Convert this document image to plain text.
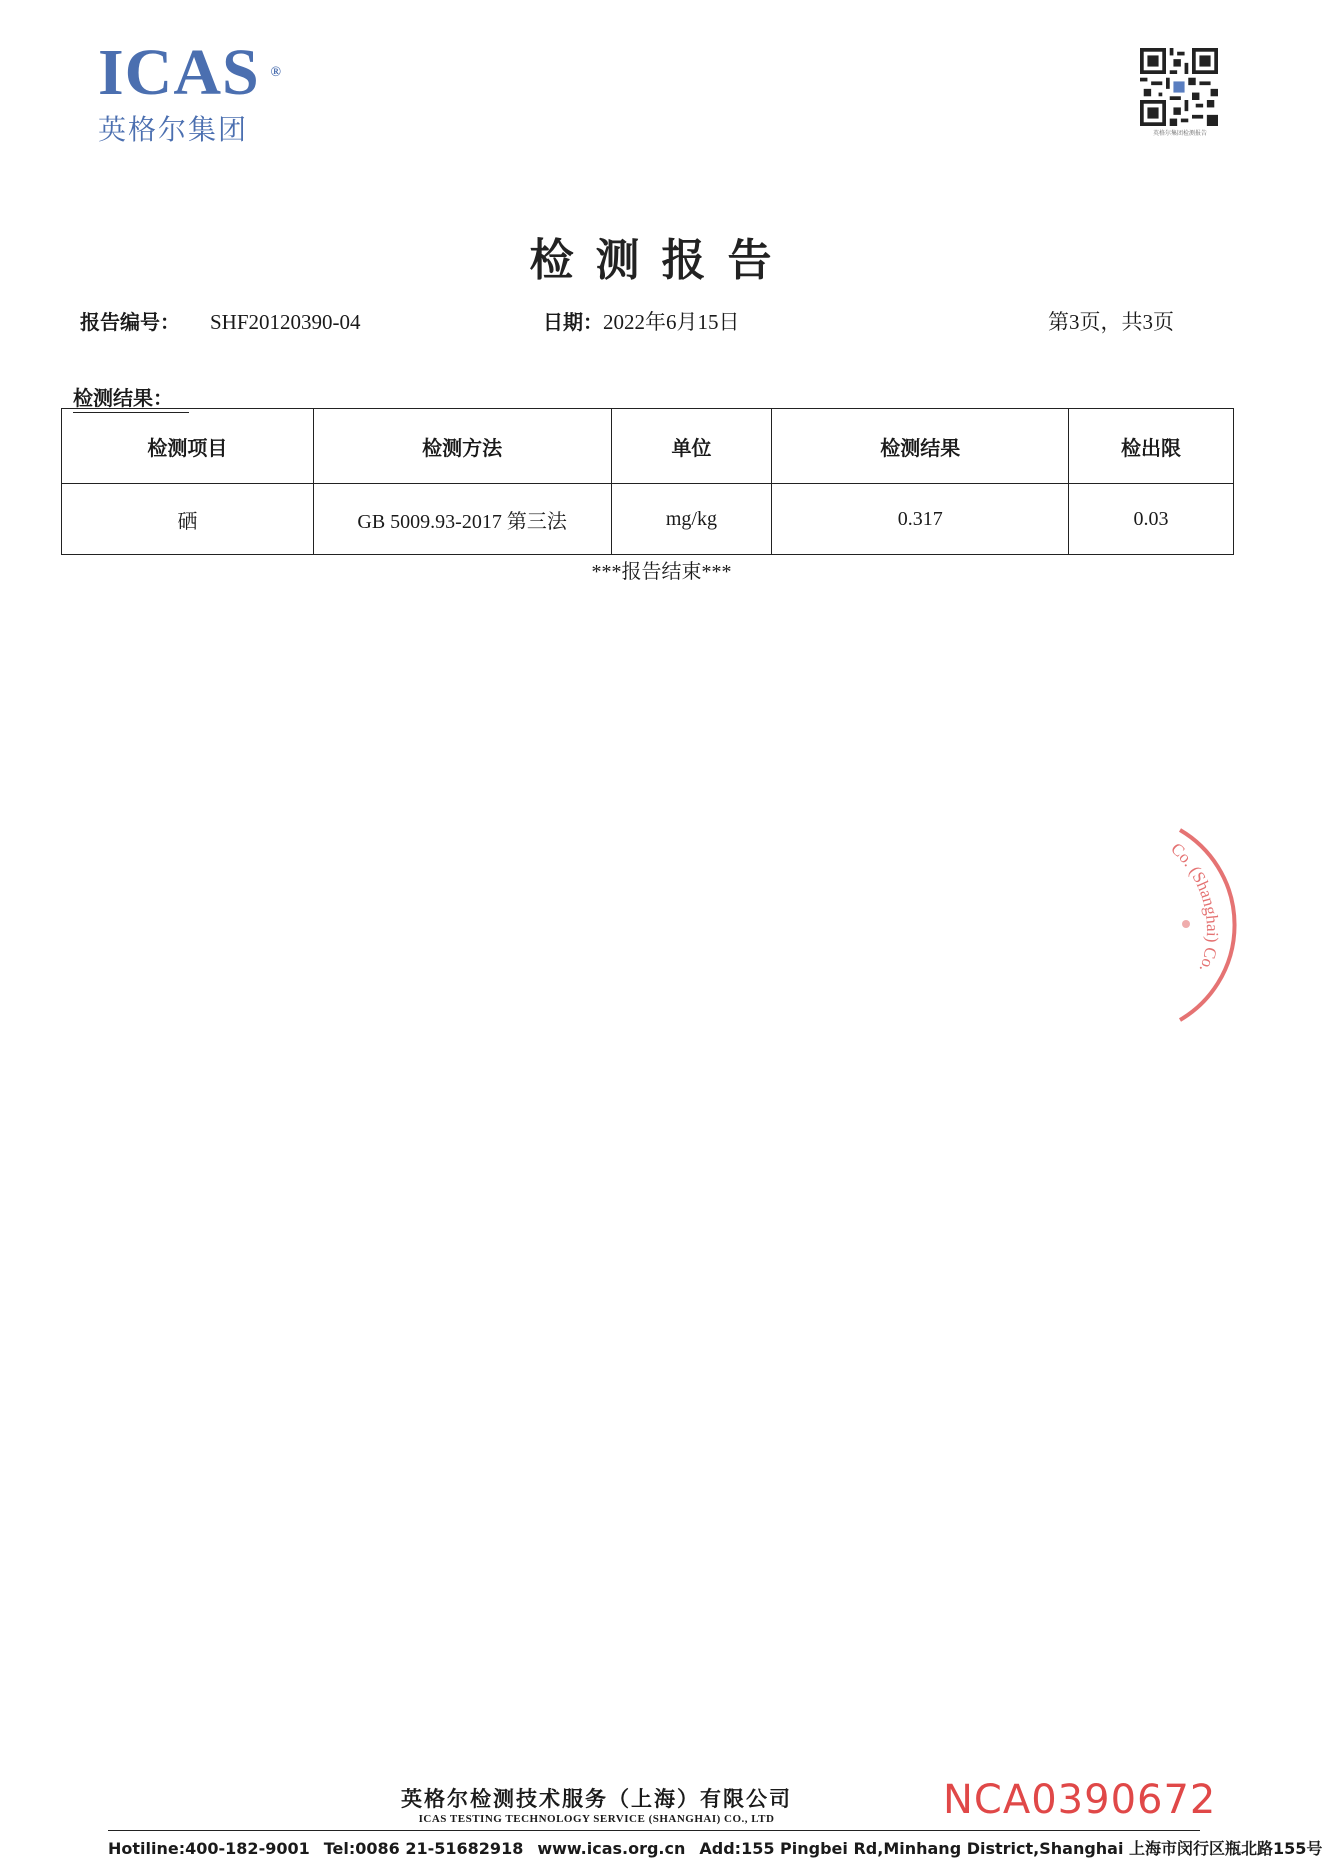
ICAS ®
英格尔集团	英格尔集团检测报告
检测报告
报告编号： SHF20120390-04	日期：2022年6月15日	第3页，共3页
检测结果：
检测项目	检测方法	单位	检测结果	检出限
硒	GB 5009.93-2017 第三法	mg/kg	0.317	0.03
***报告结束***
Co. (Shanghai) Co.
英格尔检测技术服务（上海）有限公司
ICAS TESTING TECHNOLOGY SERVICE (SHANGHAI) CO., LTD	NCA0390672
Hotiline:400-182-9001 Tel:0086 21-51682918 www.icas.org.cn Add:155 Pingbei Rd,Minhang District,Shanghai 上海市闵行区瓶北路155号
